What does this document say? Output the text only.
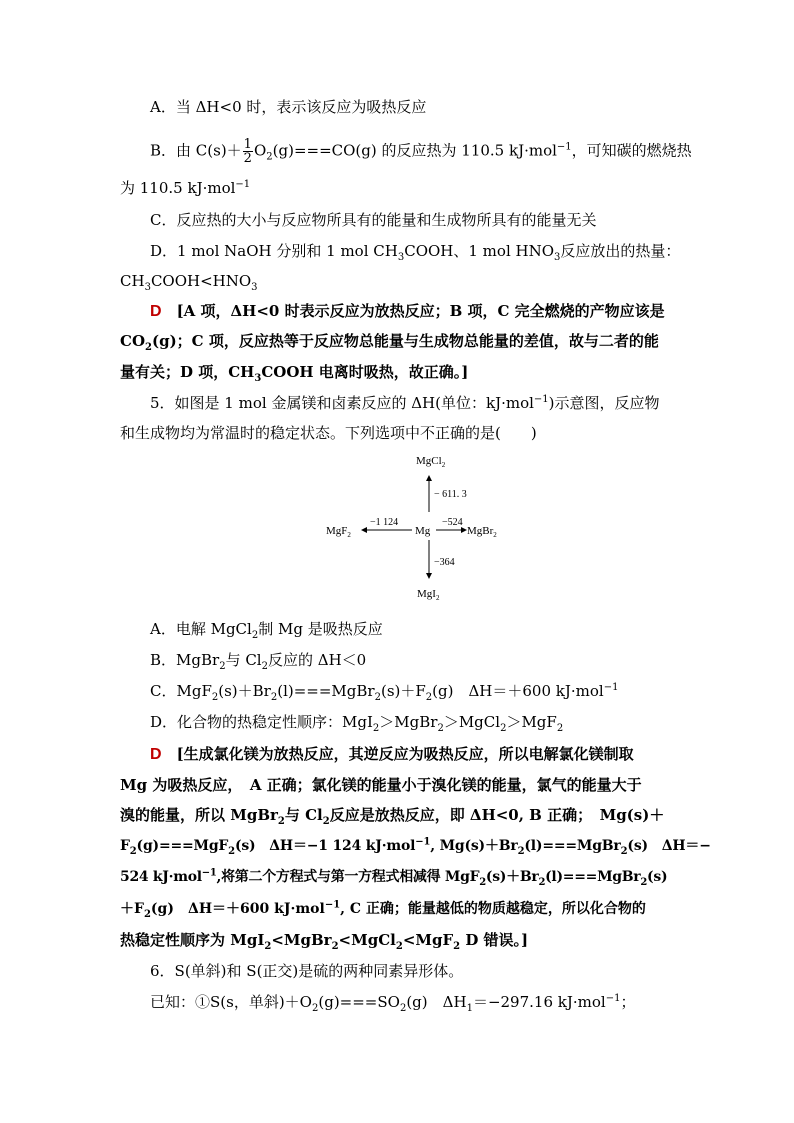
A．当 ΔH<0 时，表示该反应为吸热反应
B．由 $C(s)+ \frac{1}{2} O_2(g)===CO(g)$ 的反应热为 110.5 kJ·mol$^{-1}$，可知碳的燃烧热
为 110.5 kJ·mol$^{-1}$
C．反应热的大小与反应物所具有的能量和生成物所具有的能量无关
D．1 mol NaOH 分别和 1 mol $CH_3COOH$、1 mol $HNO_3$反应放出的热量：
$CH_3COOH<HNO_3$
D　 [A 项，ΔH<0 时表示反应为放热反应；B 项，C 完全燃烧的产物应该是
$CO_2(g)$；C 项，反应热等于反应物总能量与生成物总能量的差值，故与二者的能
量有关；D 项，$CH_3COOH$ 电离时吸热，故正确。]
5．如图是 1 mol 金属镁和卤素反应的 ΔH(单位：kJ·mol$^{-1}$)示意图，反应物
和生成物均为常温时的稳定状态。下列选项中不正确的是(　　)
MgCl$_2$
− 611. 3
MgF$_2$
−1 124
Mg
−524
MgBr$_2$
−364
MgI$_2$
A．电解 MgCl$_2$制 Mg 是吸热反应
B．MgBr$_2$与 $Cl_2$反应的 ΔH＜0
C．$MgF_2(s)+Br_2(l)===MgBr_2(s)+F_2(g)$　ΔH＝＋600 kJ·mol$^{-1}$
D．化合物的热稳定性顺序：MgI$_2$＞MgBr$_2$＞MgCl$_2$＞MgF$_2$
D　 [生成氯化镁为放热反应，其逆反应为吸热反应，所以电解氯化镁制取
Mg 为吸热反应，　A 正确；氯化镁的能量小于溴化镁的能量，氯气的能量大于
溴的能量，所以 MgBr$_2$与 $Cl_2$反应是放热反应，即 ΔH<0, B 正确；　Mg(s)＋
$F_2(g)===MgF_2(s)$　ΔH＝−1 124 kJ·mol$^{-1}$, $Mg(s)+Br_2(l)===MgBr_2(s)$　ΔH＝−
524 kJ·mol$^{-1}$,将第二个方程式与第一方程式相减得 $MgF_2(s)+Br_2(l)===MgBr_2(s)$
$+F_2(g)$　ΔH＝＋600 kJ·mol$^{-1}$, C 正确；能量越低的物质越稳定，所以化合物的
热稳定性顺序为 MgI$_2$<MgBr$_2$<MgCl$_2$<MgF$_2$ D 错误。]
6．S(单斜)和 S(正交)是硫的两种同素异形体。
已知：①S(s，单斜)$+O_2(g)===SO_2(g)$　$\Delta H_1=-297.16$ kJ·mol$^{-1}$；
